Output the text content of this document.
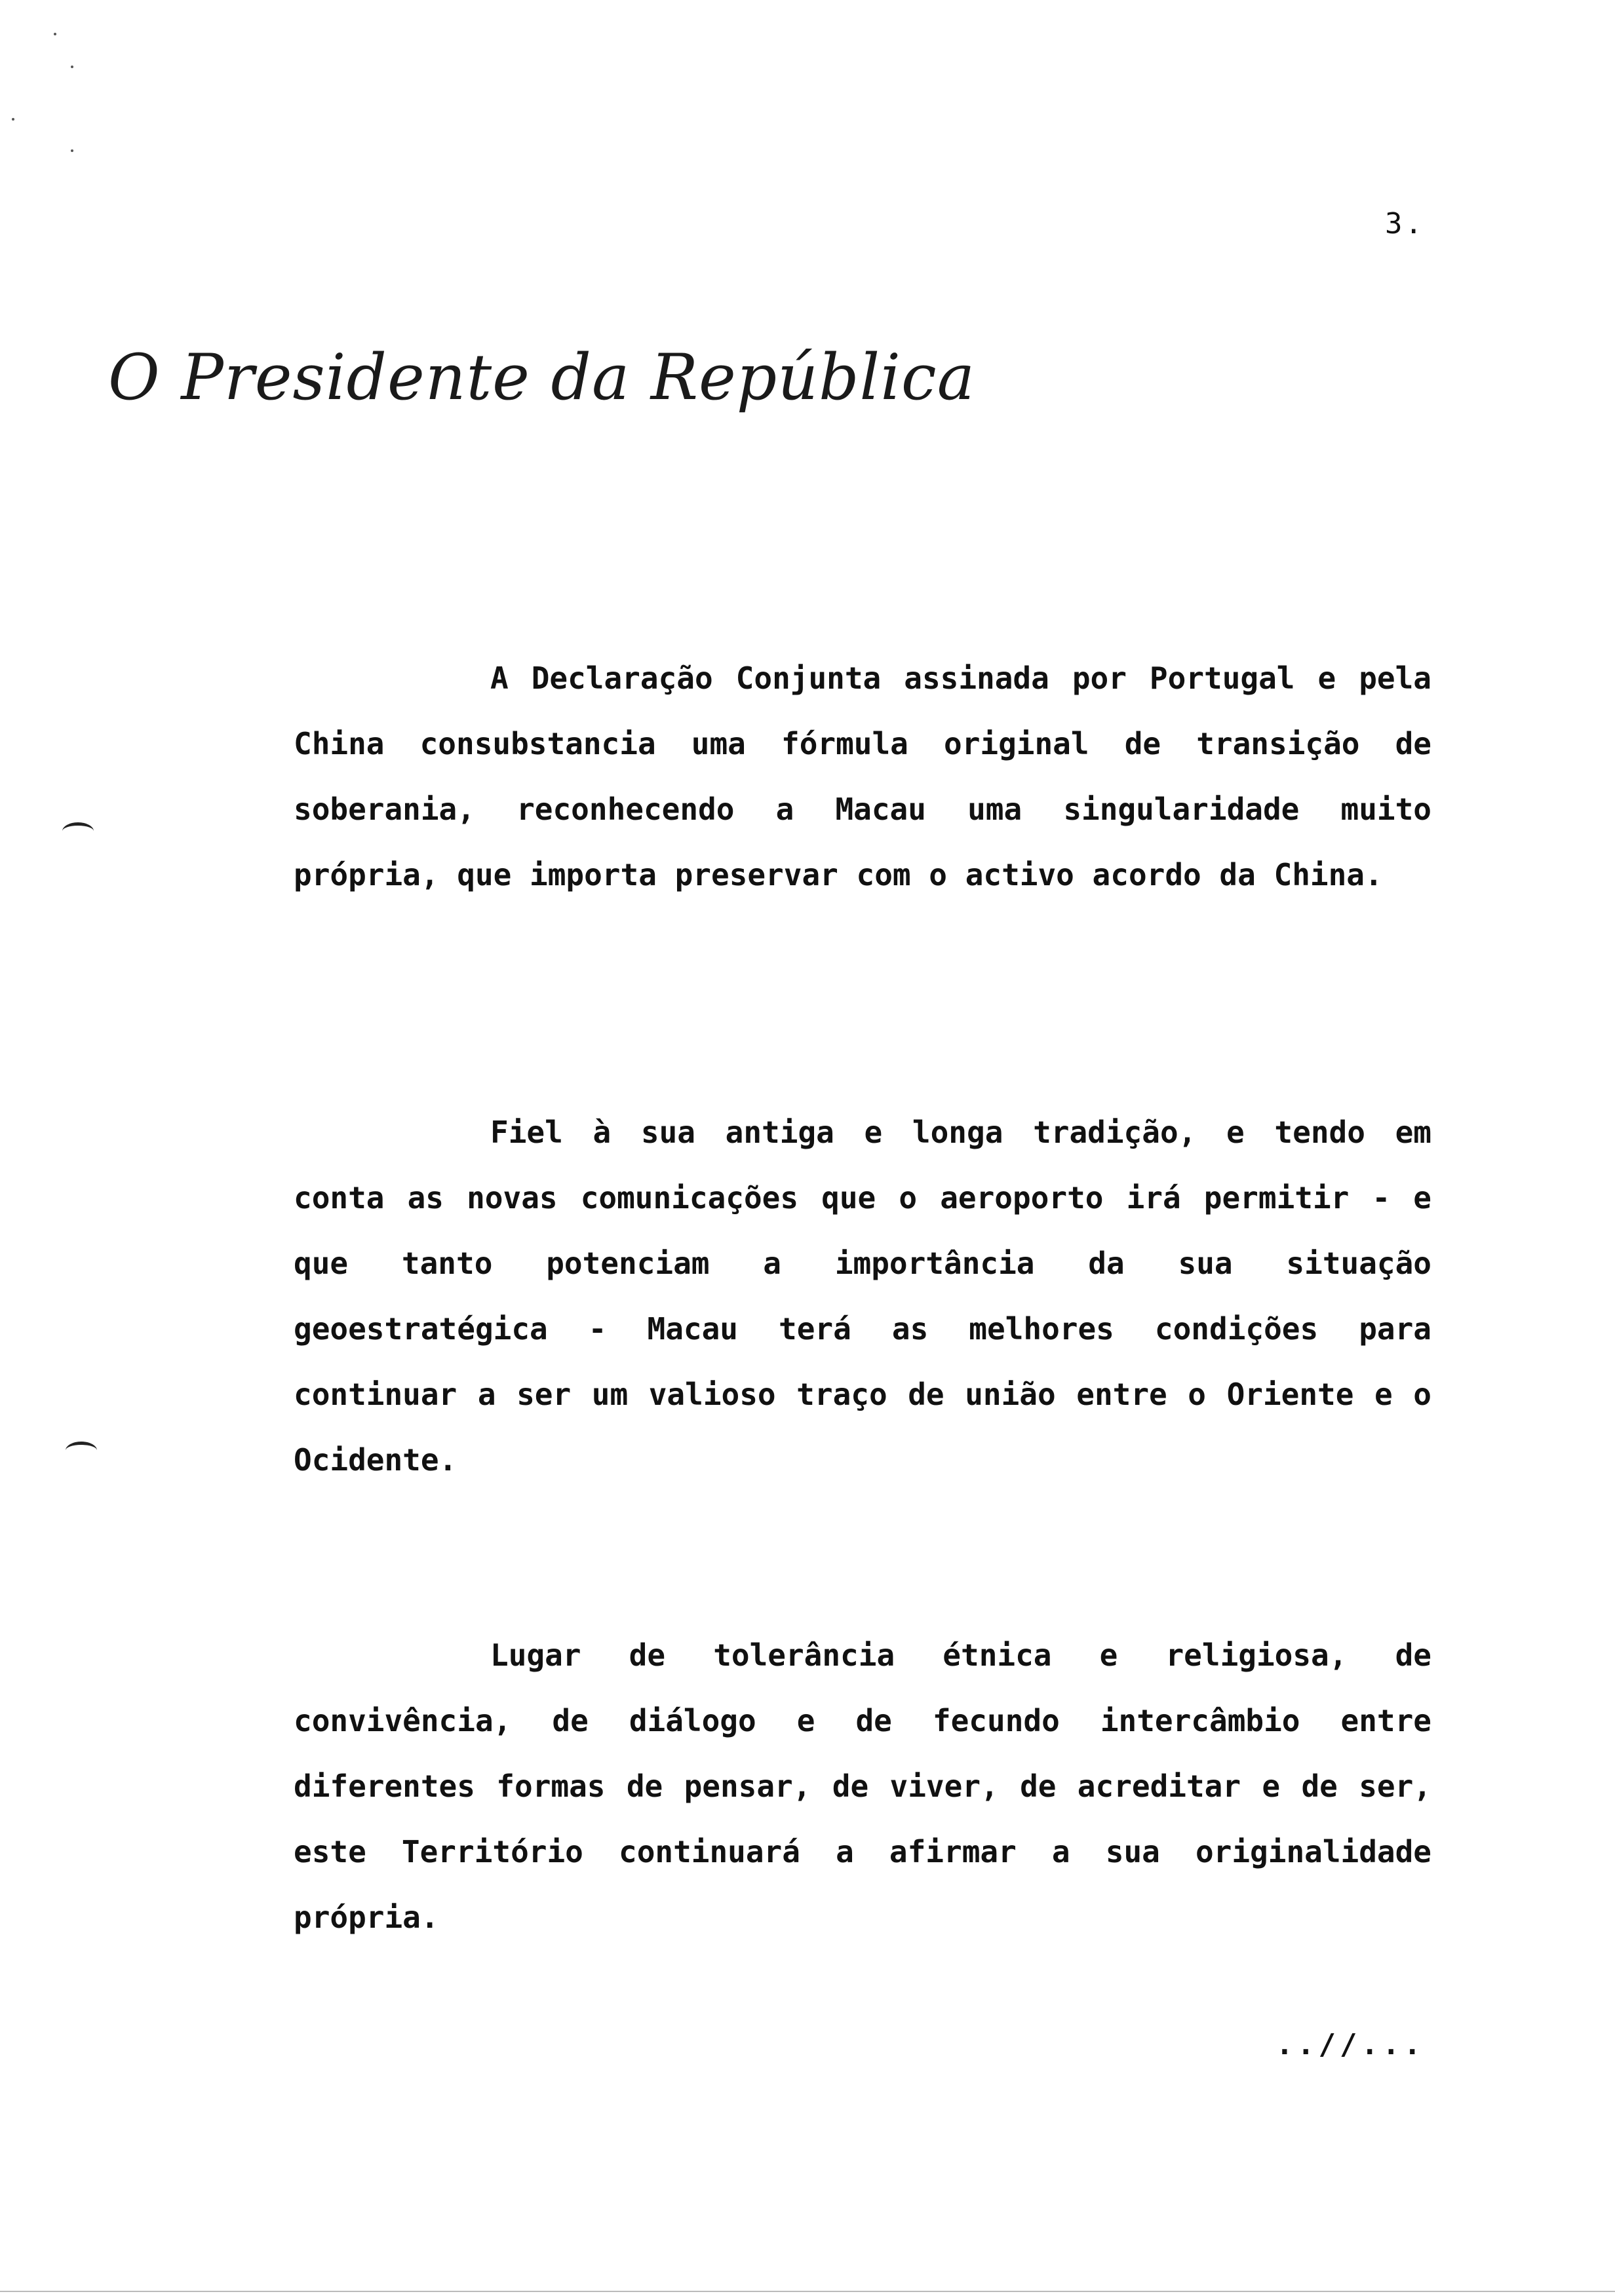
3.
O Presidente da República

A Declaração Conjunta assinada por Portugal e pela China consubstancia uma fórmula original de transição de soberania, reconhecendo a Macau uma singularidade muito própria, que importa preservar com o activo acordo da China.

Fiel à sua antiga e longa tradição, e tendo em conta as novas comunicações que o aeroporto irá permitir - e que tanto potenciam a importância da sua situação geoestratégica - Macau terá as melhores condições para continuar a ser um valioso traço de união entre o Oriente e o Ocidente.

Lugar de tolerância étnica e religiosa, de convivência, de diálogo e de fecundo intercâmbio entre diferentes formas de pensar, de viver, de acreditar e de ser, este Território continuará a afirmar a sua originalidade própria.

..//...
